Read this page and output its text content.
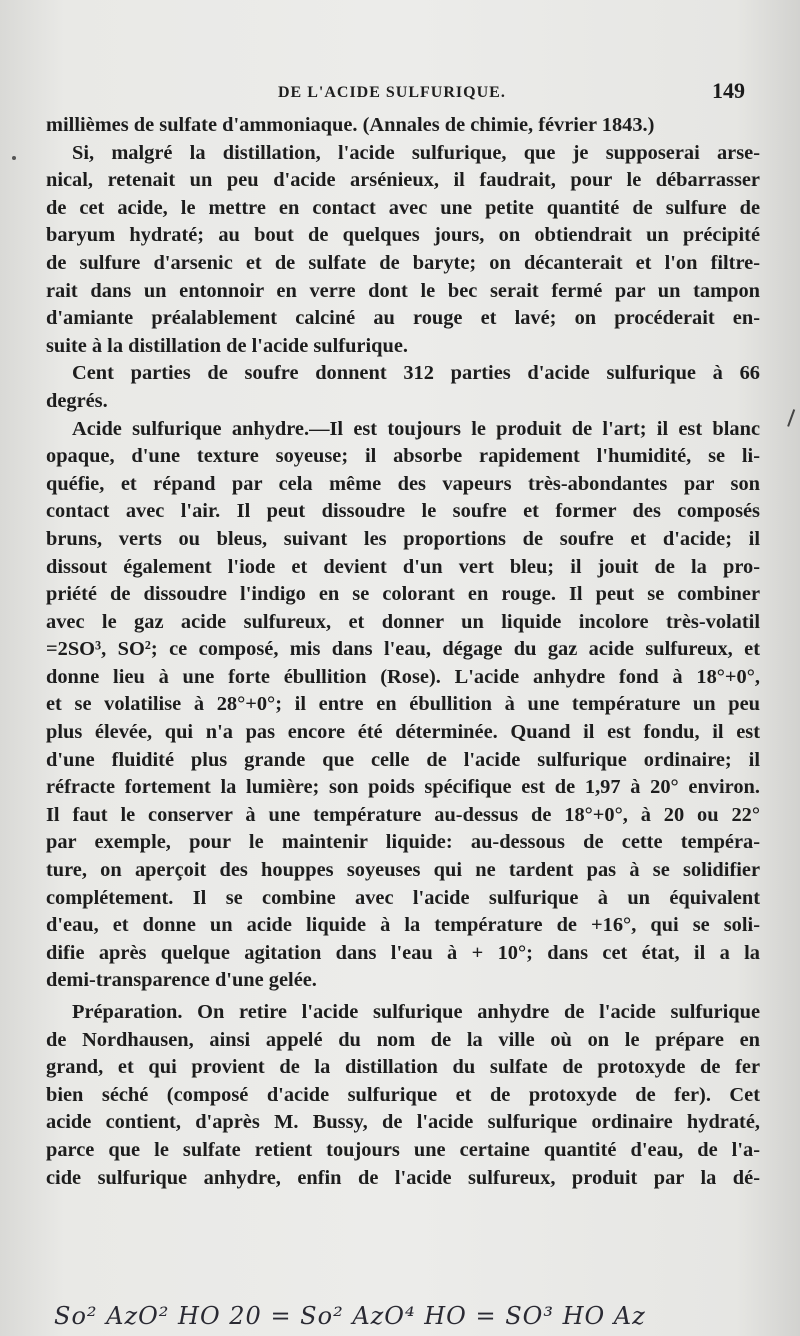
DE L'ACIDE SULFURIQUE.	149
millièmes de sulfate d'ammoniaque. (Annales de chimie, février 1843.)
Si, malgré la distillation, l'acide sulfurique, que je supposerai arse-
nical, retenait un peu d'acide arsénieux, il faudrait, pour le débarrasser
de cet acide, le mettre en contact avec une petite quantité de sulfure de
baryum hydraté; au bout de quelques jours, on obtiendrait un précipité
de sulfure d'arsenic et de sulfate de baryte; on décanterait et l'on filtre-
rait dans un entonnoir en verre dont le bec serait fermé par un tampon
d'amiante préalablement calciné au rouge et lavé; on procéderait en-
suite à la distillation de l'acide sulfurique.
Cent parties de soufre donnent 312 parties d'acide sulfurique à 66
degrés.
Acide sulfurique anhydre.—Il est toujours le produit de l'art; il est blanc
opaque, d'une texture soyeuse; il absorbe rapidement l'humidité, se li-
quéfie, et répand par cela même des vapeurs très-abondantes par son
contact avec l'air. Il peut dissoudre le soufre et former des composés
bruns, verts ou bleus, suivant les proportions de soufre et d'acide; il
dissout également l'iode et devient d'un vert bleu; il jouit de la pro-
priété de dissoudre l'indigo en se colorant en rouge. Il peut se combiner
avec le gaz acide sulfureux, et donner un liquide incolore très-volatil
=2SO³, SO²; ce composé, mis dans l'eau, dégage du gaz acide sulfureux, et
donne lieu à une forte ébullition (Rose). L'acide anhydre fond à 18°+0°,
et se volatilise à 28°+0°; il entre en ébullition à une température un peu
plus élevée, qui n'a pas encore été déterminée. Quand il est fondu, il est
d'une fluidité plus grande que celle de l'acide sulfurique ordinaire; il
réfracte fortement la lumière; son poids spécifique est de 1,97 à 20° environ.
Il faut le conserver à une température au-dessus de 18°+0°, à 20 ou 22°
par exemple, pour le maintenir liquide: au-dessous de cette tempéra-
ture, on aperçoit des houppes soyeuses qui ne tardent pas à se solidifier
complétement. Il se combine avec l'acide sulfurique à un équivalent
d'eau, et donne un acide liquide à la température de +16°, qui se soli-
difie après quelque agitation dans l'eau à + 10°; dans cet état, il a la
demi-transparence d'une gelée.
Préparation. On retire l'acide sulfurique anhydre de l'acide sulfurique
de Nordhausen, ainsi appelé du nom de la ville où on le prépare en
grand, et qui provient de la distillation du sulfate de protoxyde de fer
bien séché (composé d'acide sulfurique et de protoxyde de fer). Cet
acide contient, d'après M. Bussy, de l'acide sulfurique ordinaire hydraté,
parce que le sulfate retient toujours une certaine quantité d'eau, de l'a-
cide sulfurique anhydre, enfin de l'acide sulfureux, produit par la dé-
So² AzO² HO 20 = So² AzO⁴ HO = SO³ HO Az
